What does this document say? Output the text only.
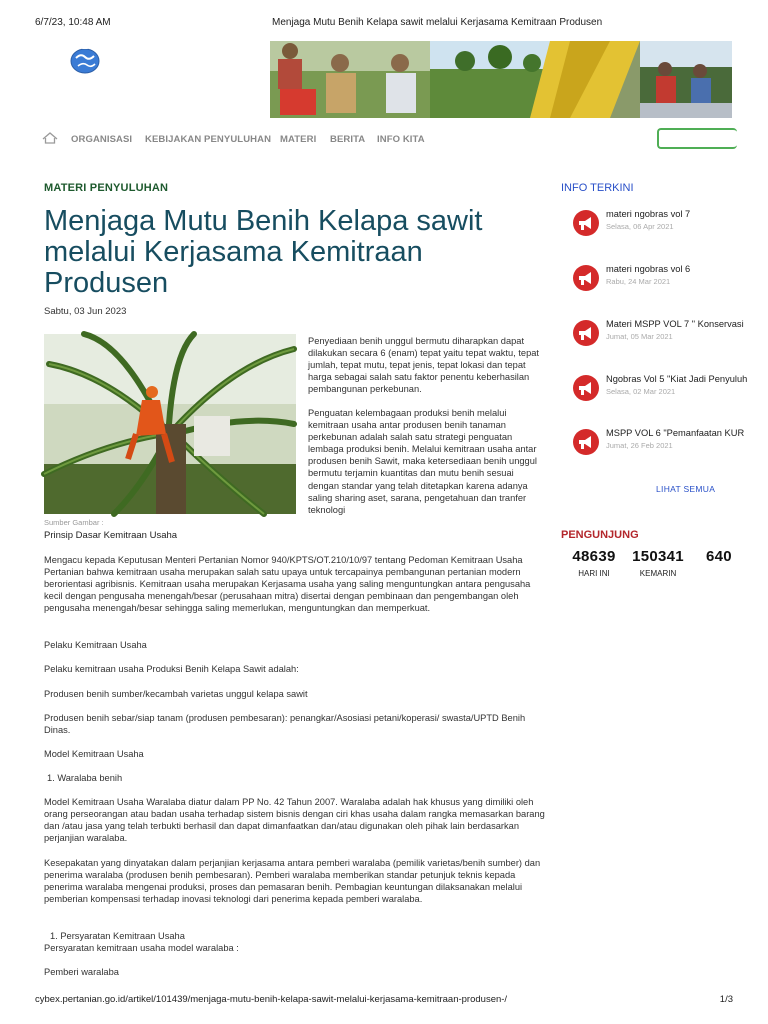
6/7/23, 10:48 AM	Menjaga Mutu Benih Kelapa sawit melalui Kerjasama Kemitraan Produsen
ORGANISASI KEBIJAKAN PENYULUHAN MATERI BERITA INFO KITA
MATERI PENYULUHAN
Menjaga Mutu Benih Kelapa sawit melalui Kerjasama Kemitraan Produsen
Sabtu, 03 Jun 2023
Sumber Gambar :
Prinsip Dasar Kemitraan Usaha

Penyediaan benih unggul bermutu diharapkan dapat dilakukan secara 6 (enam) tepat yaitu tepat waktu, tepat jumlah, tepat mutu, tepat jenis, tepat lokasi dan tepat harga sebagai salah satu faktor penentu keberhasilan pembangunan perkebunan.

Penguatan kelembagaan produksi benih melalui kemitraan usaha antar produsen benih tanaman perkebunan adalah salah satu strategi penguatan lembaga produksi benih. Melalui kemitraan usaha antar produsen benih Sawit, maka ketersediaan benih unggul bermutu terjamin kuantitas dan mutu benih sesuai dengan standar yang telah ditetapkan karena adanya saling sharing aset, sarana, pengetahuan dan tranfer teknologi

Mengacu kepada Keputusan Menteri Pertanian Nomor 940/KPTS/OT.210/10/97 tentang Pedoman Kemitraan Usaha Pertanian bahwa kemitraan usaha merupakan salah satu upaya untuk tercapainya pembangunan pertanian modern berorientasi agribisnis. Kemitraan usaha merupakan Kerjasama usaha yang saling menguntungkan antara pengusaha kecil dengan pengusaha menengah/besar (perusahaan mitra) disertai dengan pembinaan dan pengembangan oleh pengusaha menengah/besar sehingga saling memerlukan, menguntungkan dan memperkuat.

Pelaku Kemitraan Usaha

Pelaku kemitraan usaha Produksi Benih Kelapa Sawit adalah:

Produsen benih sumber/kecambah varietas unggul kelapa sawit

Produsen benih sebar/siap tanam (produsen pembesaran): penangkar/Asosiasi petani/koperasi/ swasta/UPTD Benih Dinas.

Model Kemitraan Usaha

1. Waralaba benih

Model Kemitraan Usaha Waralaba diatur dalam PP No. 42 Tahun 2007. Waralaba adalah hak khusus yang dimiliki oleh orang perseorangan atau badan usaha terhadap sistem bisnis dengan ciri khas usaha dalam rangka memasarkan barang dan /atau jasa yang telah terbukti berhasil dan dapat dimanfaatkan dan/atau digunakan oleh pihak lain berdasarkan perjanjian waralaba.

Kesepakatan yang dinyatakan dalam perjanjian kerjasama antara pemberi waralaba (pemilik varietas/benih sumber) dan penerima waralaba (produsen benih pembesaran). Pemberi waralaba memberikan standar petunjuk teknis kepada penerima waralaba mengenai produksi, proses dan pemasaran benih. Pembagian keuntungan dilaksanakan melalui pemberian kompensasi terhadap inovasi teknologi dari penerima kepada pemberi waralaba.

1. Persyaratan Kemitraan Usaha

Persyaratan kemitraan usaha model waralaba :

Pemberi waralaba

INFO TERKINI
materi ngobras vol 7
Selasa, 06 Apr 2021
materi ngobras vol 6
Rabu, 24 Mar 2021
Materi MSPP VOL 7 " Konservasi
Jumat, 05 Mar 2021
Ngobras Vol 5 "Kiat Jadi Penyuluh
Selasa, 02 Mar 2021
MSPP VOL 6 "Pemanfaatan KUR
Jumat, 26 Feb 2021
LIHAT SEMUA
PENGUNJUNG
48639
HARI INI
150341
KEMARIN
640
cybex.pertanian.go.id/artikel/101439/menjaga-mutu-benih-kelapa-sawit-melalui-kerjasama-kemitraan-produsen-/	1/3
